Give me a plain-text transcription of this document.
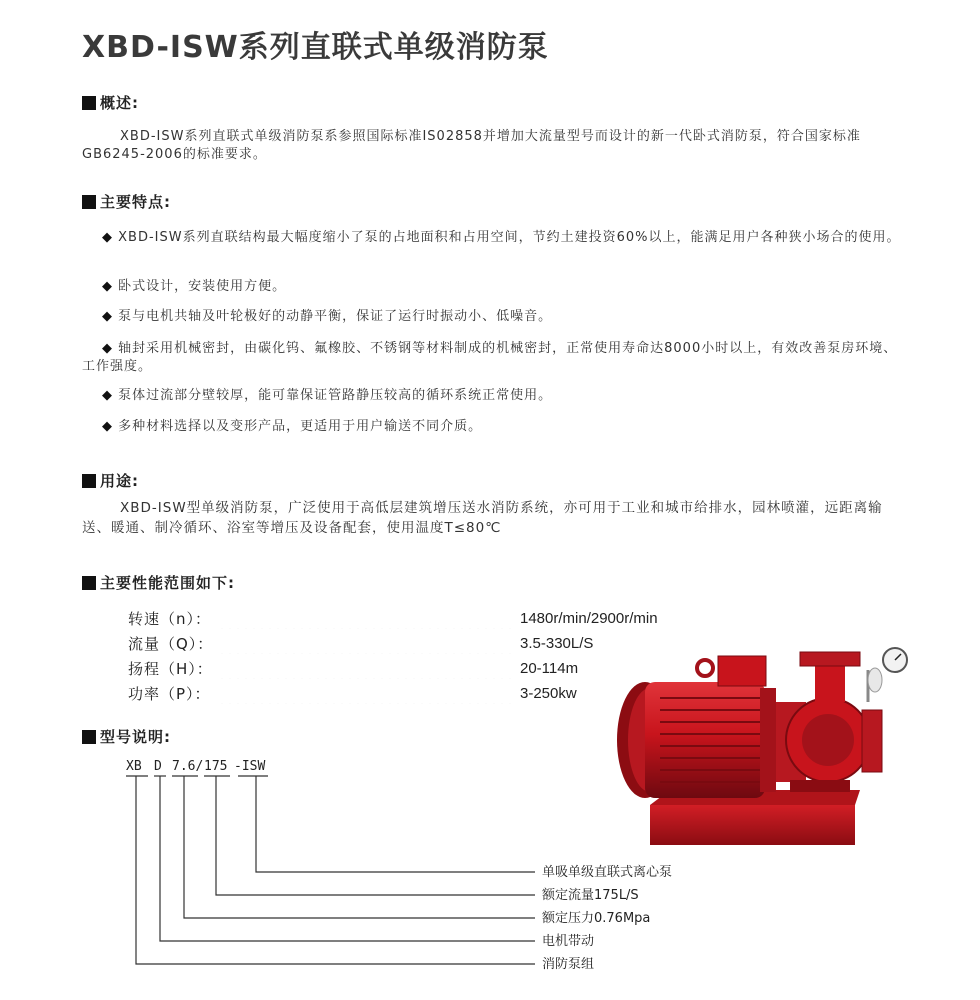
XBD-ISW系列直联式单级消防泵
概述:

XBD-ISW系列直联式单级消防泵系参照国际标准IS02858并增加大流量型号而设计的新一代卧式消防泵，符合国家标准GB6245-2006的标准要求。

主要特点:

◆ XBD-ISW系列直联结构最大幅度缩小了泵的占地面积和占用空间，节约土建投资60%以上，能满足用户各种狭小场合的使用。

◆ 卧式设计，安装使用方便。

◆ 泵与电机共轴及叶轮极好的动静平衡，保证了运行时振动小、低噪音。

◆ 轴封采用机械密封，由碳化钨、氟橡胶、不锈钢等材料制成的机械密封，正常使用寿命达8000小时以上，有效改善泵房环境、工作强度。

◆ 泵体过流部分壁较厚，能可靠保证管路静压较高的循环系统正常使用。

◆ 多种材料选择以及变形产品，更适用于用户输送不同介质。

用途:

XBD-ISW型单级消防泵，广泛使用于高低层建筑增压送水消防系统，亦可用于工业和城市给排水，园林喷灌，远距离输送、暖通、制冷循环、浴室等增压及设备配套，使用温度T≤80℃

主要性能范围如下:
转速（n）：	1480r/min/2900r/min
流量（Q）：	3.5-330L/S
扬程（H）：	20-114m
功率（P）：	3-250kw
型号说明:
XB D 7.6/ 175 -ISW
单吸单级直联式离心泵
额定流量175L/S
额定压力0.76Mpa
电机带动
消防泵组
